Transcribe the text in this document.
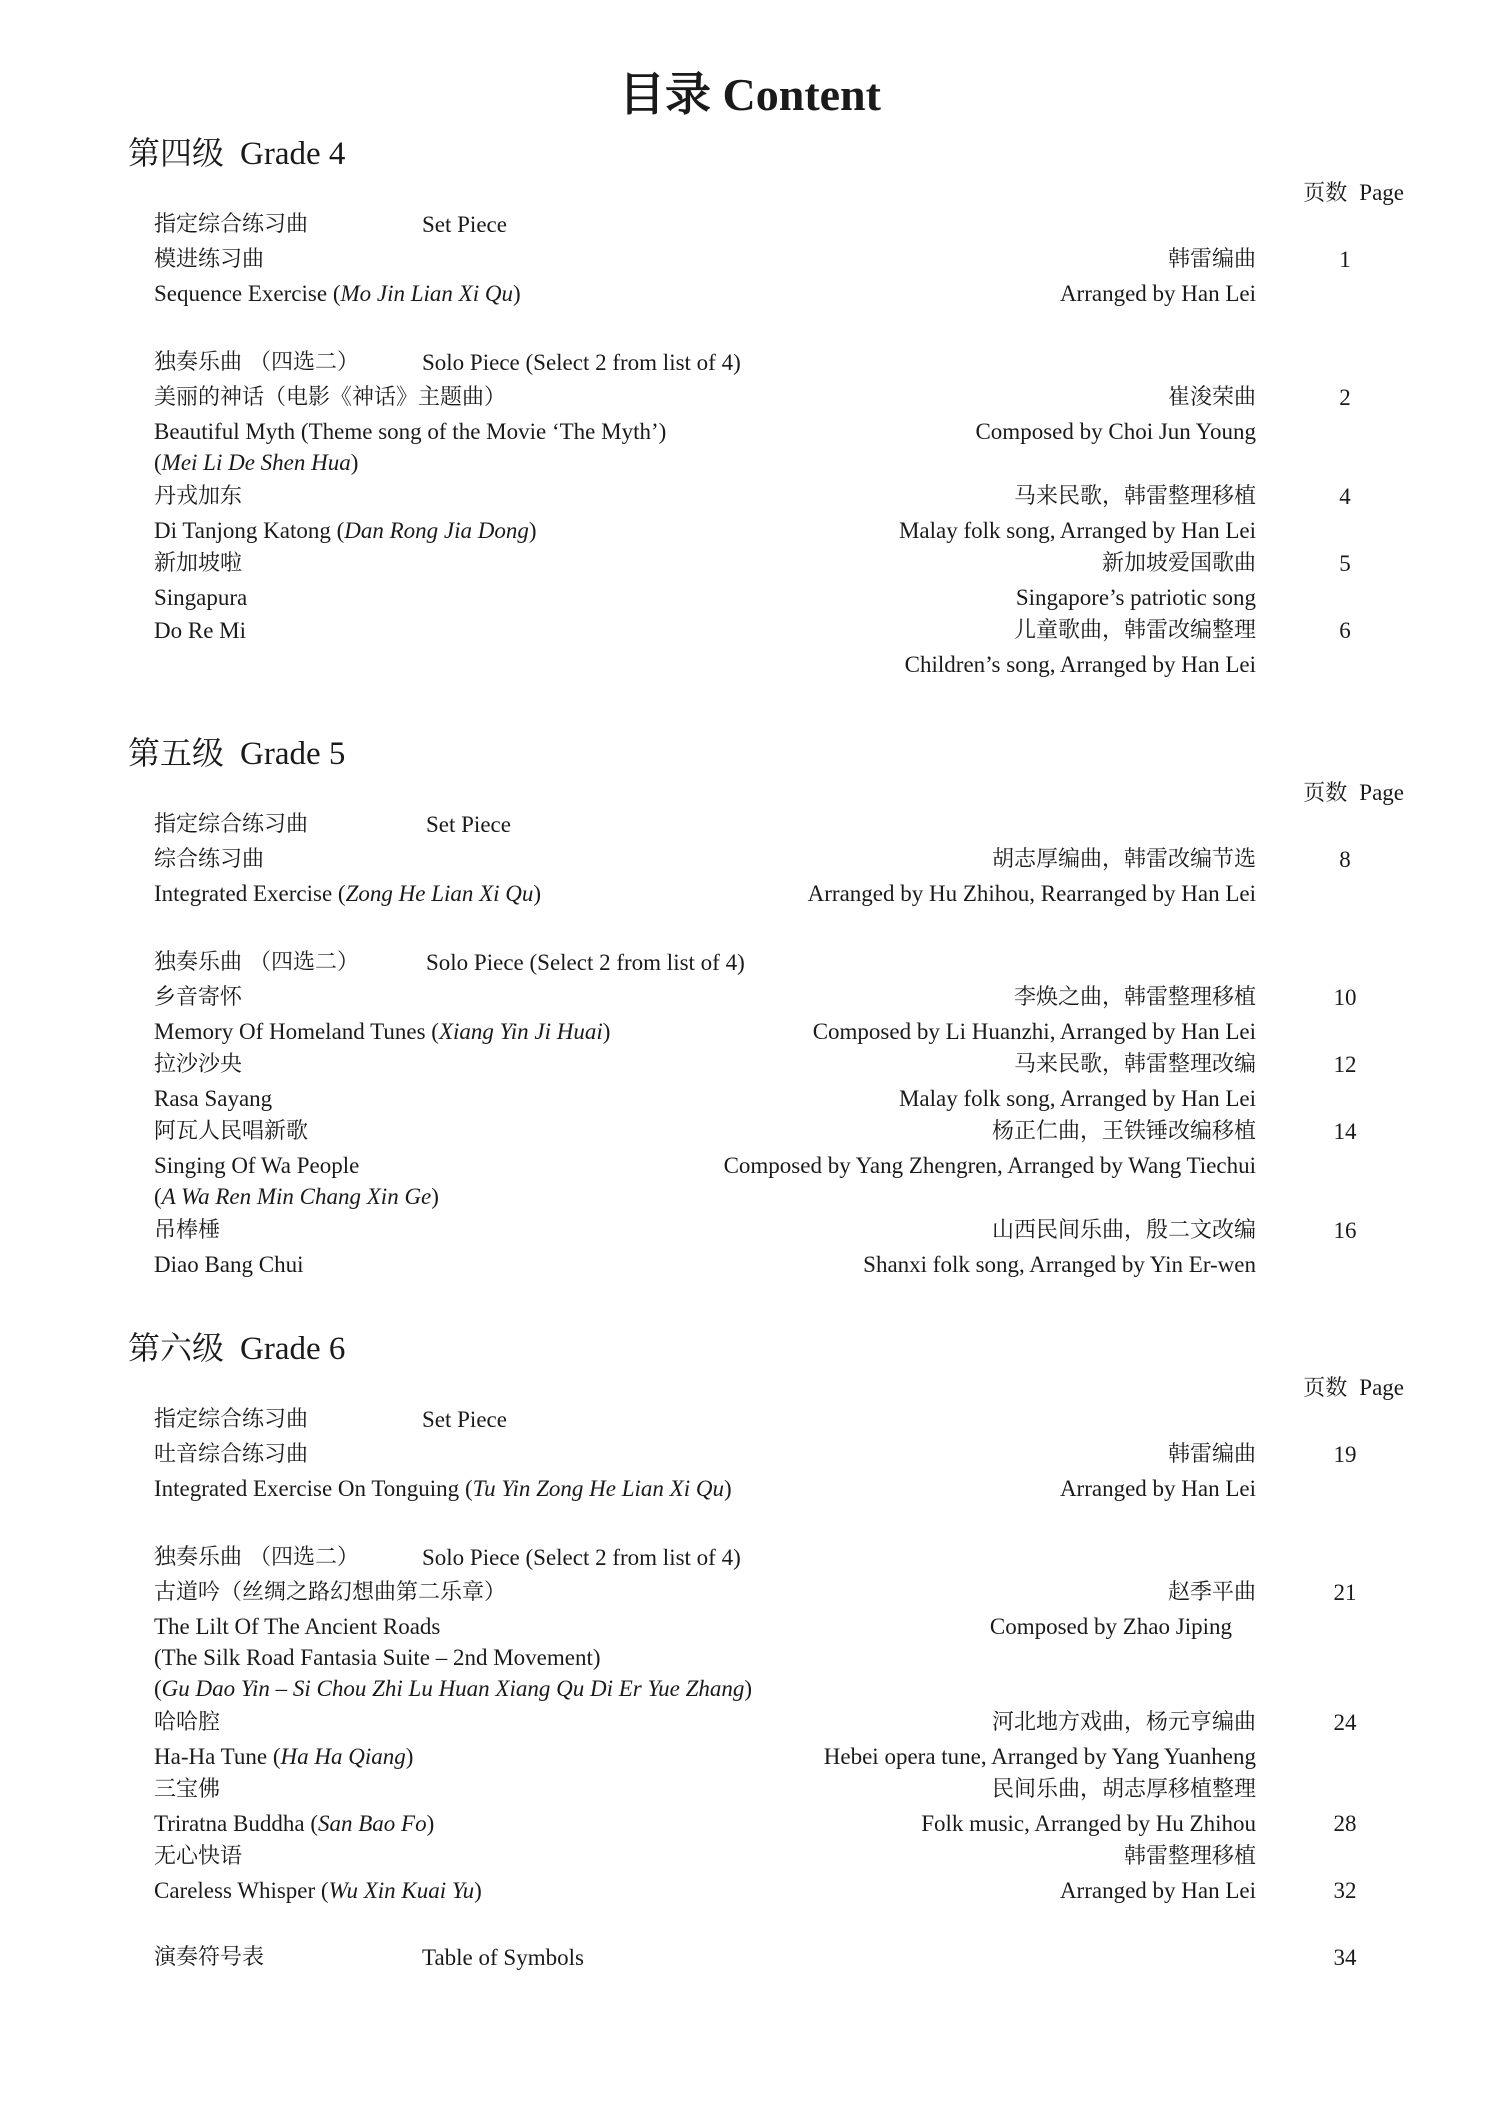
目录 Content
第四级 Grade 4
页数 Page
指定综合练习曲	Set Piece
模进练习曲	韩雷编曲	1
Sequence Exercise (Mo Jin Lian Xi Qu)	Arranged by Han Lei
独奏乐曲 （四选二）	Solo Piece (Select 2 from list of 4)
美丽的神话（电影《神话》主题曲）	崔浚荣曲	2
Beautiful Myth (Theme song of the Movie ‘The Myth’)	Composed by Choi Jun Young
(Mei Li De Shen Hua)
丹戎加东	马来民歌，韩雷整理移植	4
Di Tanjong Katong (Dan Rong Jia Dong)	Malay folk song, Arranged by Han Lei
新加坡啦	新加坡爱国歌曲	5
Singapura	Singapore’s patriotic song
Do Re Mi	儿童歌曲，韩雷改编整理	6
Children’s song, Arranged by Han Lei
第五级 Grade 5
页数 Page
指定综合练习曲	Set Piece
综合练习曲	胡志厚编曲，韩雷改编节选	8
Integrated Exercise (Zong He Lian Xi Qu)	Arranged by Hu Zhihou, Rearranged by Han Lei
独奏乐曲 （四选二）	Solo Piece (Select 2 from list of 4)
乡音寄怀	李焕之曲，韩雷整理移植	10
Memory Of Homeland Tunes (Xiang Yin Ji Huai)	Composed by Li Huanzhi, Arranged by Han Lei
拉沙沙央	马来民歌，韩雷整理改编	12
Rasa Sayang	Malay folk song, Arranged by Han Lei
阿瓦人民唱新歌	杨正仁曲，王铁锤改编移植	14
Singing Of Wa People	Composed by Yang Zhengren, Arranged by Wang Tiechui
(A Wa Ren Min Chang Xin Ge)
吊棒棰	山西民间乐曲，殷二文改编	16
Diao Bang Chui	Shanxi folk song, Arranged by Yin Er-wen
第六级 Grade 6
页数 Page
指定综合练习曲	Set Piece
吐音综合练习曲	韩雷编曲	19
Integrated Exercise On Tonguing (Tu Yin Zong He Lian Xi Qu)	Arranged by Han Lei
独奏乐曲 （四选二）	Solo Piece (Select 2 from list of 4)
古道吟（丝绸之路幻想曲第二乐章）	赵季平曲	21
The Lilt Of The Ancient Roads	Composed by Zhao Jiping
(The Silk Road Fantasia Suite – 2nd Movement)
(Gu Dao Yin – Si Chou Zhi Lu Huan Xiang Qu Di Er Yue Zhang)
哈哈腔	河北地方戏曲，杨元亨编曲	24
Ha-Ha Tune (Ha Ha Qiang)	Hebei opera tune, Arranged by Yang Yuanheng
三宝佛	民间乐曲，胡志厚移植整理
Triratna Buddha (San Bao Fo)	Folk music, Arranged by Hu Zhihou	28
无心快语	韩雷整理移植
Careless Whisper (Wu Xin Kuai Yu)	Arranged by Han Lei	32
演奏符号表	Table of Symbols	34
